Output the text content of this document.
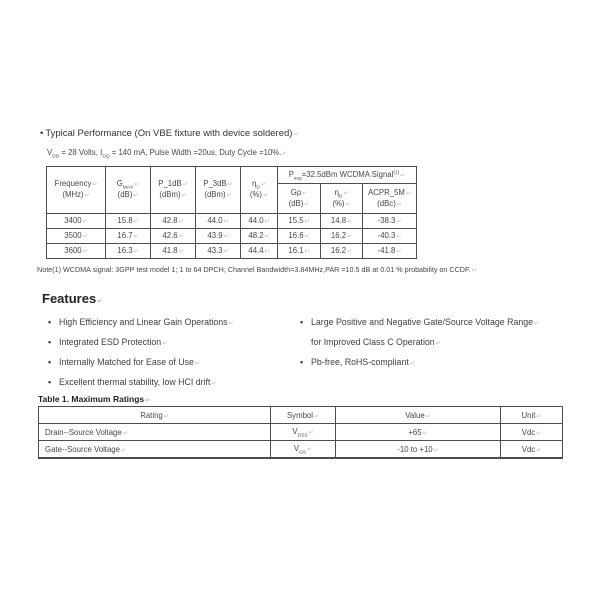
• Typical Performance (On VBE fixture with device soldered) ↵
$V_{DD} = 28$ Volts, $I_{DQ} = 140$ mA, Pulse Width =20us, Duty Cycle =10%. ↵
Frequency ↵
(MHz) ↵	$G_{MAX}$ ↵
(dB) ↵	P_1dB ↵
(dBm) ↵	P_3dB ↵
(dBm) ↵	$\eta_D$ ↵
(%) ↵	$P_{avg}=32.5dBm$ WCDMA Signal$^{(1)}$ ↵

					Gp ↵
(dB) ↵	$\eta_D$ ↵
(%) ↵	ACPR_5M ↵
(dBc) ↵

3400 ↵	15.8 ↵	42.8 ↵	44.0 ↵	44.0 ↵	15.5 ↵	14.8 ↵	-38.3 ↵
3500 ↵	16.7 ↵	42.6 ↵	43.9 ↵	48.2 ↵	16.6 ↵	16.2 ↵	-40.3 ↵
3600 ↵	16.3 ↵	41.8 ↵	43.3 ↵	44.4 ↵	16.1 ↵	16.2 ↵	-41.8 ↵
Note(1) WCDMA signal: 3GPP test model 1; 1 to 64 DPCH; Channel Bandwidth=3.84MHz,PAR =10.5 dB at 0.01 % probability on CCDF. ↵
Features ↵
• High Efficiency and Linear Gain Operations ↵
• Integrated ESD Protection ↵
• Internally Matched for Ease of Use ↵
• Excellent thermal stability, low HCI drift ↵
• Large Positive and Negative Gate/Source Voltage Range ↵
for Improved Class C Operation ↵
• Pb-free, RoHS-compliant ↵
Table 1. Maximum Ratings ↵
Rating ↵	Symbol ↵	Value ↵	Unit ↵
Drain--Source Voltage ↵	$V_{DSS}$ ↵	+65 ↵	Vdc ↵
Gate--Source Voltage ↵	$V_{GS}$ ↵	-10 to +10 ↵	Vdc ↵
